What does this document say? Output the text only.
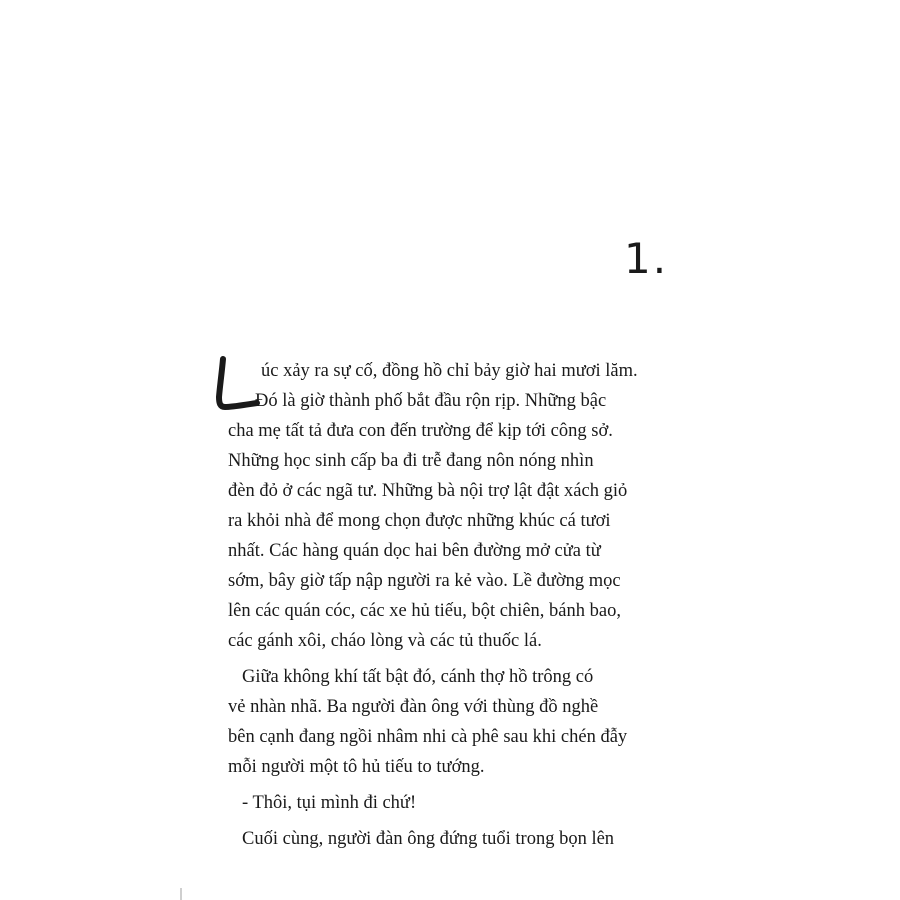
1.
úc xảy ra sự cố, đồng hồ chỉ bảy giờ hai mươi lăm.
Đó là giờ thành phố bắt đầu rộn rịp. Những bậc
cha mẹ tất tả đưa con đến trường để kịp tới công sở.
Những học sinh cấp ba đi trễ đang nôn nóng nhìn
đèn đỏ ở các ngã tư. Những bà nội trợ lật đật xách giỏ
ra khỏi nhà để mong chọn được những khúc cá tươi
nhất. Các hàng quán dọc hai bên đường mở cửa từ
sớm, bây giờ tấp nập người ra kẻ vào. Lề đường mọc
lên các quán cóc, các xe hủ tiếu, bột chiên, bánh bao,
các gánh xôi, cháo lòng và các tủ thuốc lá.
Giữa không khí tất bật đó, cánh thợ hồ trông có
vẻ nhàn nhã. Ba người đàn ông với thùng đồ nghề
bên cạnh đang ngồi nhâm nhi cà phê sau khi chén đẫy
mỗi người một tô hủ tiếu to tướng.
- Thôi, tụi mình đi chứ!
Cuối cùng, người đàn ông đứng tuổi trong bọn lên
